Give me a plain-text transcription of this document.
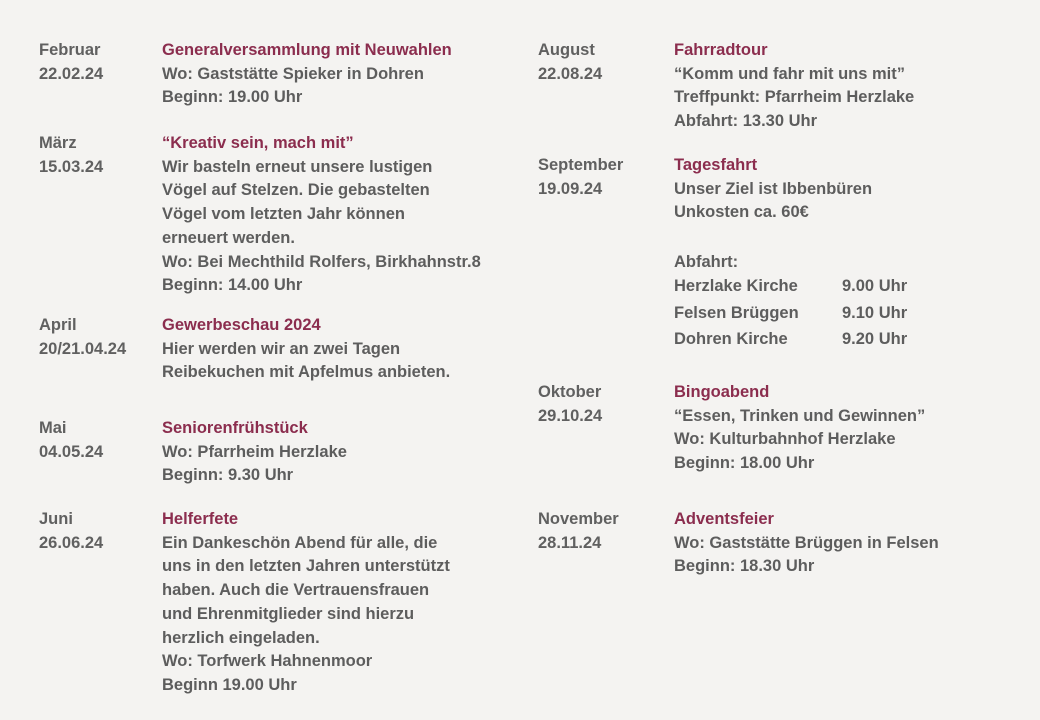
Februar
22.02.24
Generalversammlung mit Neuwahlen
Wo: Gaststätte Spieker in Dohren
Beginn: 19.00 Uhr
März
15.03.24
“Kreativ sein, mach mit”
Wir basteln erneut unsere lustigen
Vögel auf Stelzen. Die gebastelten
Vögel vom letzten Jahr können
erneuert werden.
Wo: Bei Mechthild Rolfers, Birkhahnstr.8
Beginn: 14.00 Uhr
April
20/21.04.24
Gewerbeschau 2024
Hier werden wir an zwei Tagen
Reibekuchen mit Apfelmus anbieten.
Mai
04.05.24
Seniorenfrühstück
Wo: Pfarrheim Herzlake
Beginn: 9.30 Uhr
Juni
26.06.24
Helferfete
Ein Dankeschön Abend für alle, die
uns in den letzten Jahren unterstützt
haben. Auch die Vertrauensfrauen
und Ehrenmitglieder sind hierzu
herzlich eingeladen.
Wo: Torfwerk Hahnenmoor
Beginn 19.00 Uhr
August
22.08.24
Fahrradtour
“Komm und fahr mit uns mit”
Treffpunkt: Pfarrheim Herzlake
Abfahrt: 13.30 Uhr
September
19.09.24
Tagesfahrt
Unser Ziel ist Ibbenbüren
Unkosten ca. 60€
Abfahrt:
Herzlake Kirche	9.00 Uhr
Felsen Brüggen	9.10 Uhr
Dohren Kirche	9.20 Uhr
Oktober
29.10.24
Bingoabend
“Essen, Trinken und Gewinnen”
Wo: Kulturbahnhof Herzlake
Beginn: 18.00 Uhr
November
28.11.24
Adventsfeier
Wo: Gaststätte Brüggen in Felsen
Beginn: 18.30 Uhr
